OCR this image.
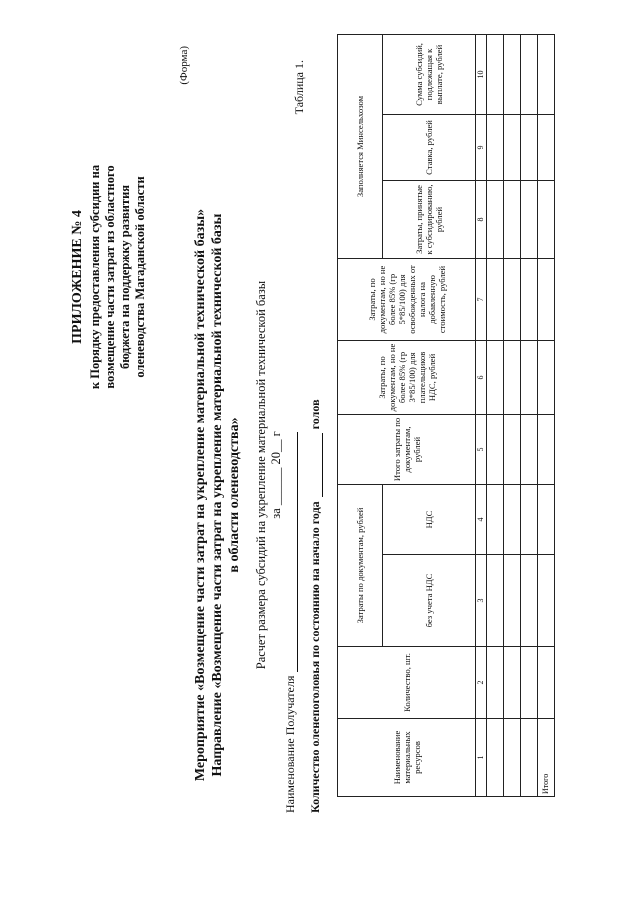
ПРИЛОЖЕНИЕ № 4 к Порядку предоставления субсидии на возмещение части затрат из областного бюджета на поддержку развития оленеводства Магаданской области
(Форма)
Мероприятие «Возмещение части затрат на укрепление материальной технической базы» Направление «Возмещение части затрат на укрепление материальной технической базы в области оленеводства» Расчет размера субсидий на укрепление материальной технической базы за ______ 20__ г
Таблица 1.
Наименование Получателя Количество оленепоголовья по состоянию на начало годаголов
Наименование материальных ресурсов	Количество, шт.	Затраты по документам, рублей		Итого затраты по документам, рублей	Затраты, по документам, но не более 85% (гр 3*85/100) для плательщиков НДС, рублей	Затраты, по документам, но не более 85% (гр 5*85/100) для освобожденных от налога на добавленную стоимость, рублей	Заполняется Минсельхозом		
		без учета НДС	НДС				Затраты, принятые к субсидированию, рублей	Ставка, рублей	Сумма субсидий, подлежащая к выплате, рублей
1	2	3	4	5	6	7	8	9	10

Итого									
